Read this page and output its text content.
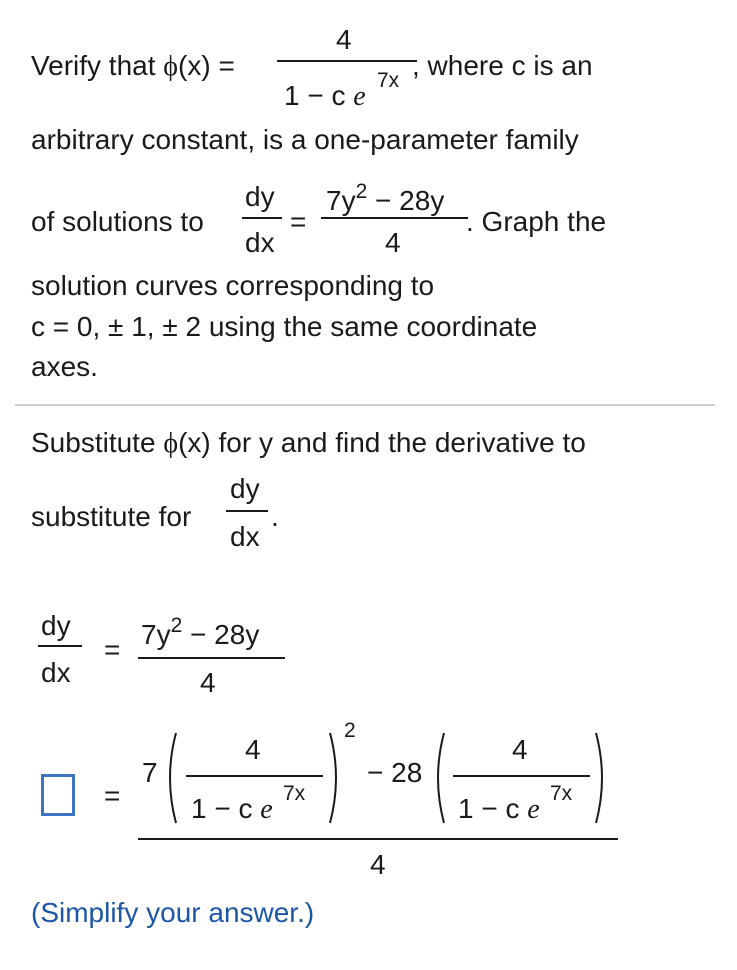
Verify that ϕ(x) =
4
1 − c e
7x , where c is an
arbitrary constant, is a one-parameter family
of solutions to
dy
dx
=
$7y^2 - 28y$
4
. Graph the
solution curves corresponding to
c = 0, ± 1, ± 2 using the same coordinate
axes.
Substitute ϕ(x) for y and find the derivative to
substitute for
dy
dx
.
dy
dx
= $7y^2 - 28y$
4
=
7
4
1 − c e
7x
2
− 28
4
1 − c e
7x
4
(Simplify your answer.)
